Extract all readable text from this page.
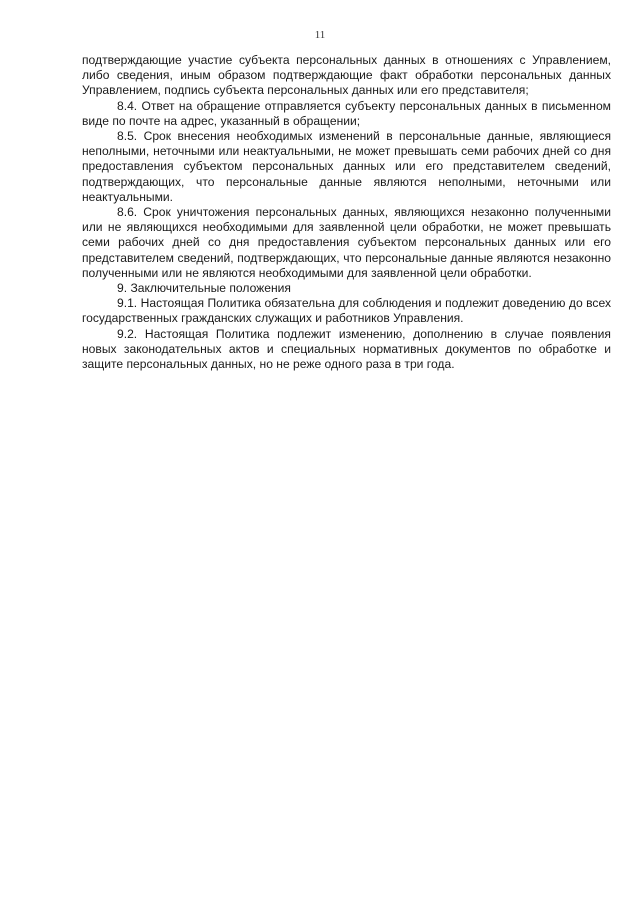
11

подтверждающие участие субъекта персональных данных в отношениях с Управлением, либо сведения, иным образом подтверждающие факт обработки персональных данных Управлением, подпись субъекта персональных данных или его представителя;

8.4. Ответ на обращение отправляется субъекту персональных данных в письменном виде по почте на адрес, указанный в обращении;

8.5. Срок внесения необходимых изменений в персональные данные, являющиеся неполными, неточными или неактуальными, не может превышать семи рабочих дней со дня предоставления субъектом персональных данных или его представителем сведений, подтверждающих, что персональные данные являются неполными, неточными или неактуальными.

8.6. Срок уничтожения персональных данных, являющихся незаконно полученными или не являющихся необходимыми для заявленной цели обработки, не может превышать семи рабочих дней со дня предоставления субъектом персональных данных или его представителем сведений, подтверждающих, что персональные данные являются незаконно полученными или не являются необходимыми для заявленной цели обработки.

9. Заключительные положения

9.1. Настоящая Политика обязательна для соблюдения и подлежит доведению до всех государственных гражданских служащих и работников Управления.

9.2. Настоящая Политика подлежит изменению, дополнению в случае появления новых законодательных актов и специальных нормативных документов по обработке и защите персональных данных, но не реже одного раза в три года.
